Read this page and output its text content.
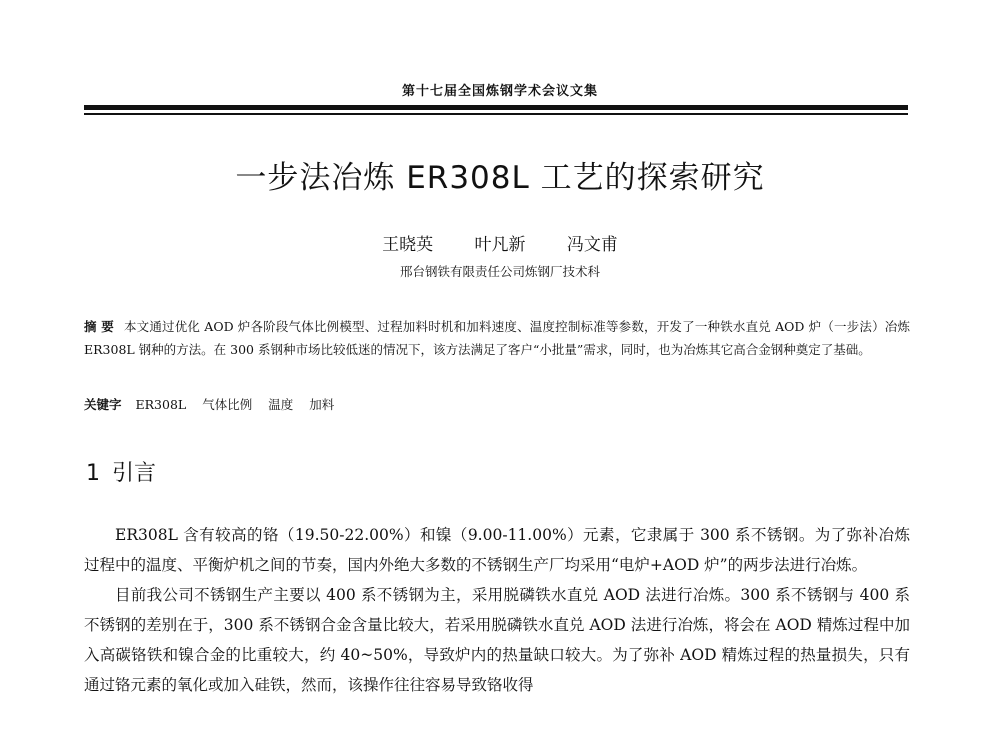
第十七届全国炼钢学术会议文集
一步法冶炼 ER308L 工艺的探索研究
王晓英 叶凡新 冯文甫
邢台钢铁有限责任公司炼钢厂技术科
摘 要 本文通过优化 AOD 炉各阶段气体比例模型、过程加料时机和加料速度、温度控制标准等参数，开发了一种铁水直兑 AOD 炉（一步法）冶炼 ER308L 钢种的方法。在 300 系钢种市场比较低迷的情况下，该方法满足了客户“小批量”需求，同时，也为冶炼其它高合金钢种奠定了基础。
关键字 ER308L 气体比例 温度 加料
1 引言

ER308L 含有较高的铬（19.50-22.00%）和镍（9.00-11.00%）元素，它隶属于 300 系不锈钢。为了弥补冶炼过程中的温度、平衡炉机之间的节奏，国内外绝大多数的不锈钢生产厂均采用“电炉+AOD 炉”的两步法进行冶炼。

目前我公司不锈钢生产主要以 400 系不锈钢为主，采用脱磷铁水直兑 AOD 法进行冶炼。300 系不锈钢与 400 系不锈钢的差别在于，300 系不锈钢合金含量比较大，若采用脱磷铁水直兑 AOD 法进行冶炼，将会在 AOD 精炼过程中加入高碳铬铁和镍合金的比重较大，约 40~50%，导致炉内的热量缺口较大。为了弥补 AOD 精炼过程的热量损失，只有通过铬元素的氧化或加入硅铁，然而，该操作往往容易导致铬收得
